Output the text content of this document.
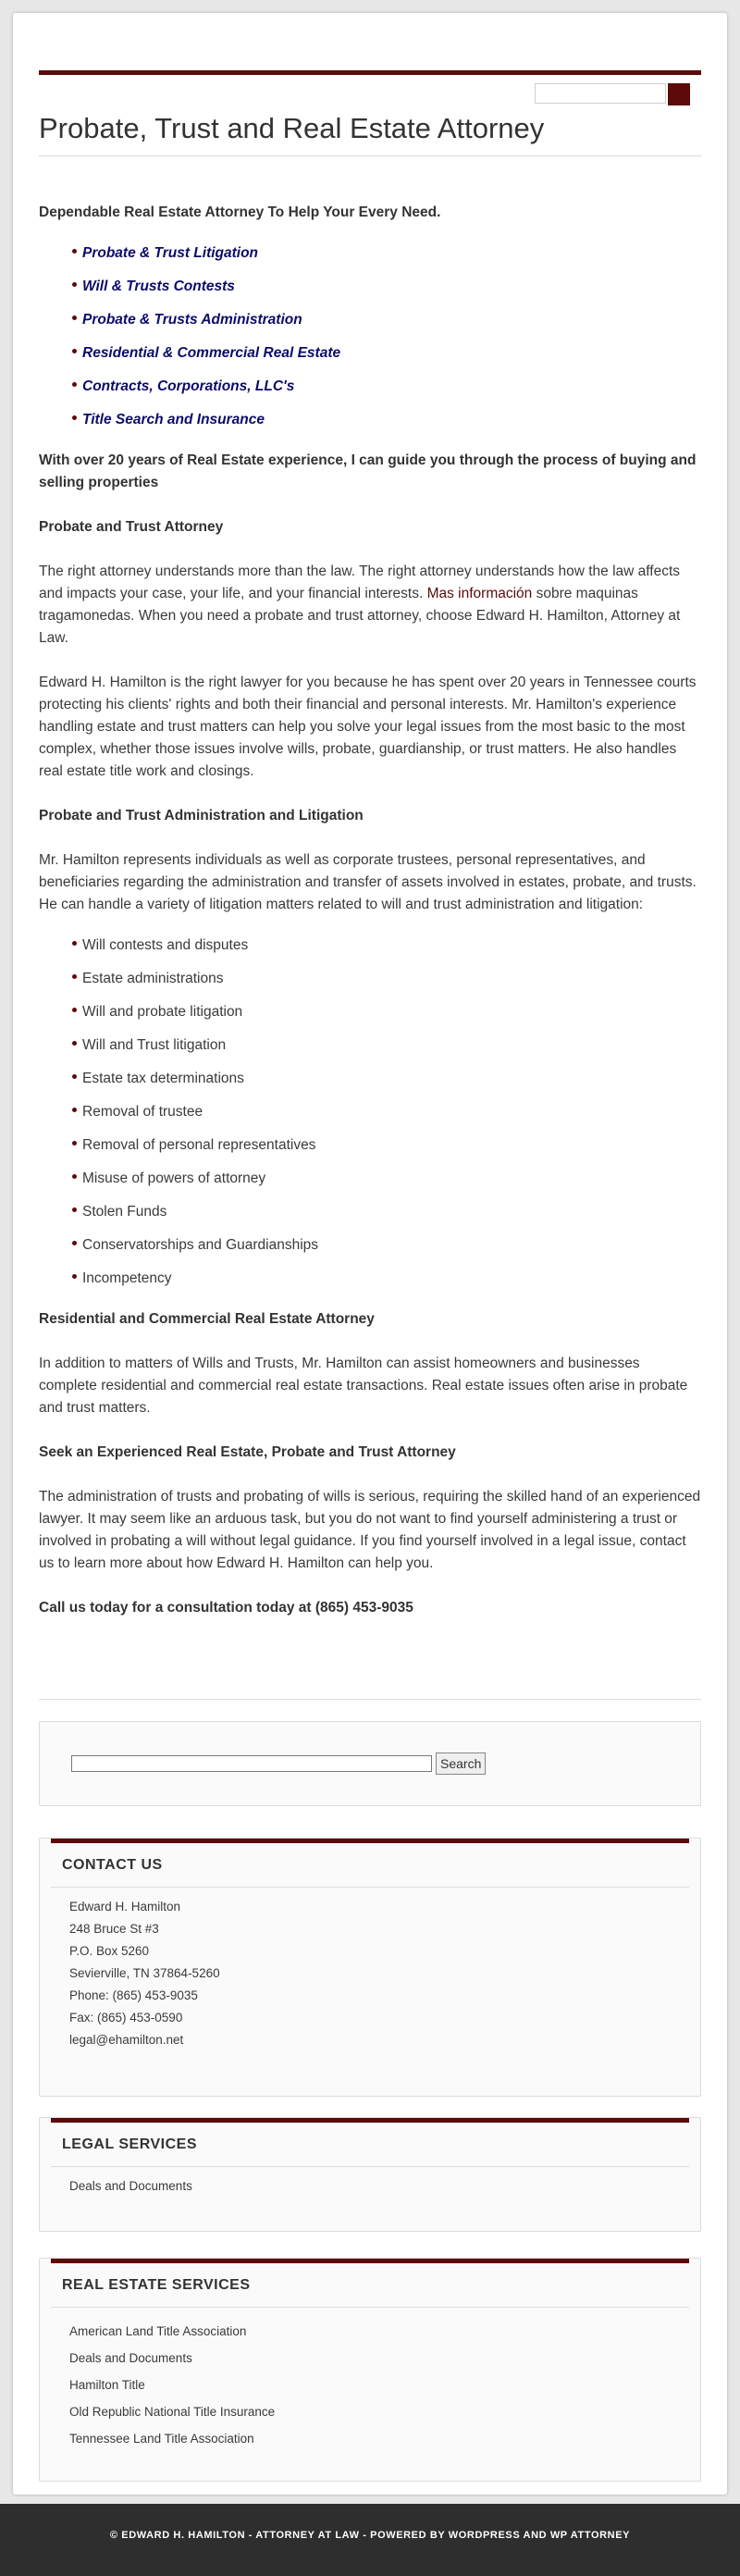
Probate, Trust and Real Estate Attorney
Dependable Real Estate Attorney To Help Your Every Need.
Probate & Trust Litigation
Will & Trusts Contests
Probate & Trusts Administration
Residential & Commercial Real Estate
Contracts, Corporations, LLC's
Title Search and Insurance
With over 20 years of Real Estate experience, I can guide you through the process of buying and selling properties
Probate and Trust Attorney

The right attorney understands more than the law. The right attorney understands how the law affects and impacts your case, your life, and your financial interests. Mas información sobre maquinas tragamonedas. When you need a probate and trust attorney, choose Edward H. Hamilton, Attorney at Law.

Edward H. Hamilton is the right lawyer for you because he has spent over 20 years in Tennessee courts protecting his clients' rights and both their financial and personal interests. Mr. Hamilton's experience handling estate and trust matters can help you solve your legal issues from the most basic to the most complex, whether those issues involve wills, probate, guardianship, or trust matters. He also handles real estate title work and closings.

Probate and Trust Administration and Litigation

Mr. Hamilton represents individuals as well as corporate trustees, personal representatives, and beneficiaries regarding the administration and transfer of assets involved in estates, probate, and trusts. He can handle a variety of litigation matters related to will and trust administration and litigation:

Will contests and disputes
Estate administrations
Will and probate litigation
Will and Trust litigation
Estate tax determinations
Removal of trustee
Removal of personal representatives
Misuse of powers of attorney
Stolen Funds
Conservatorships and Guardianships
Incompetency
Residential and Commercial Real Estate Attorney

In addition to matters of Wills and Trusts, Mr. Hamilton can assist homeowners and businesses complete residential and commercial real estate transactions. Real estate issues often arise in probate and trust matters.

Seek an Experienced Real Estate, Probate and Trust Attorney

The administration of trusts and probating of wills is serious, requiring the skilled hand of an experienced lawyer. It may seem like an arduous task, but you do not want to find yourself administering a trust or involved in probating a will without legal guidance. If you find yourself involved in a legal issue, contact us to learn more about how Edward H. Hamilton can help you.

Call us today for a consultation today at (865) 453-9035
Search
CONTACT US
Edward H. Hamilton
248 Bruce St #3
P.O. Box 5260
Sevierville, TN 37864-5260
Phone: (865) 453-9035
Fax: (865) 453-0590
legal@ehamilton.net
LEGAL SERVICES
Deals and Documents
REAL ESTATE SERVICES
American Land Title Association
Deals and Documents
Hamilton Title
Old Republic National Title Insurance
Tennessee Land Title Association

© EDWARD H. HAMILTON - ATTORNEY AT LAW - POWERED BY WORDPRESS AND WP ATTORNEY
